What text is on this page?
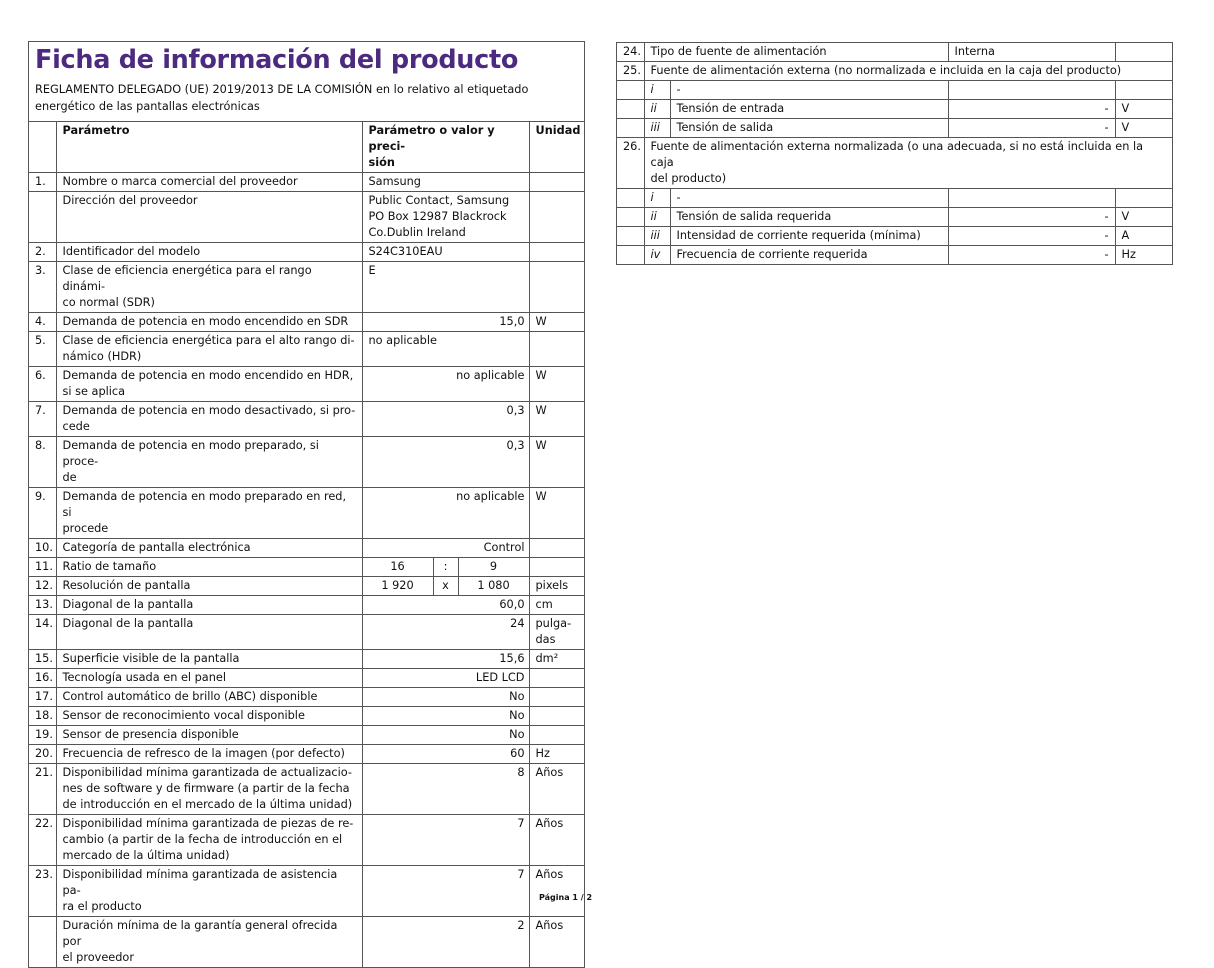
Ficha de información del producto
REGLAMENTO DELEGADO (UE) 2019/2013 DE LA COMISIÓN en lo relativo al etiquetado energético de las pantallas electrónicas
	Parámetro	Parámetro o valor y preci-
sión			Unidad
1.	Nombre o marca comercial del proveedor	Samsung			
	Dirección del proveedor	Public Contact, Samsung
PO Box 12987 Blackrock
Co.Dublin Ireland			
2.	Identificador del modelo	S24C310EAU			
3.	Clase de eficiencia energética para el rango dinámi-
co normal (SDR)	E			
4.	Demanda de potencia en modo encendido en SDR	15,0			W
5.	Clase de eficiencia energética para el alto rango di-
námico (HDR)	no aplicable			
6.	Demanda de potencia en modo encendido en HDR,
si se aplica	no aplicable			W
7.	Demanda de potencia en modo desactivado, si pro-
cede	0,3			W
8.	Demanda de potencia en modo preparado, si proce-
de	0,3			W
9.	Demanda de potencia en modo preparado en red, si
procede	no aplicable			W
10.	Categoría de pantalla electrónica	Control			
11.	Ratio de tamaño	16	:	9	
12.	Resolución de pantalla	1 920	x	1 080	pixels
13.	Diagonal de la pantalla	60,0			cm
14.	Diagonal de la pantalla	24			pulga-
das
15.	Superficie visible de la pantalla	15,6			dm²
16.	Tecnología usada en el panel	LED LCD			
17.	Control automático de brillo (ABC) disponible	No			
18.	Sensor de reconocimiento vocal disponible	No			
19.	Sensor de presencia disponible	No			
20.	Frecuencia de refresco de la imagen (por defecto)	60			Hz
21.	Disponibilidad mínima garantizada de actualizacio-
nes de software y de firmware (a partir de la fecha
de introducción en el mercado de la última unidad)	8			Años
22.	Disponibilidad mínima garantizada de piezas de re-
cambio (a partir de la fecha de introducción en el
mercado de la última unidad)	7			Años
23.	Disponibilidad mínima garantizada de asistencia pa-
ra el producto	7			Años
	Duración mínima de la garantía general ofrecida por
el proveedor	2			Años
24.	Tipo de fuente de alimentación		Interna	
25.	Fuente de alimentación externa (no normalizada e incluida en la caja del producto)			
	i	-		
	ii	Tensión de entrada	-	V
	iii	Tensión de salida	-	V
26.	Fuente de alimentación externa normalizada (o una adecuada, si no está incluida en la caja
del producto)			
	i	-		
	ii	Tensión de salida requerida	-	V
	iii	Intensidad de corriente requerida (mínima)	-	A
	iv	Frecuencia de corriente requerida	-	Hz
Página 1 / 2
